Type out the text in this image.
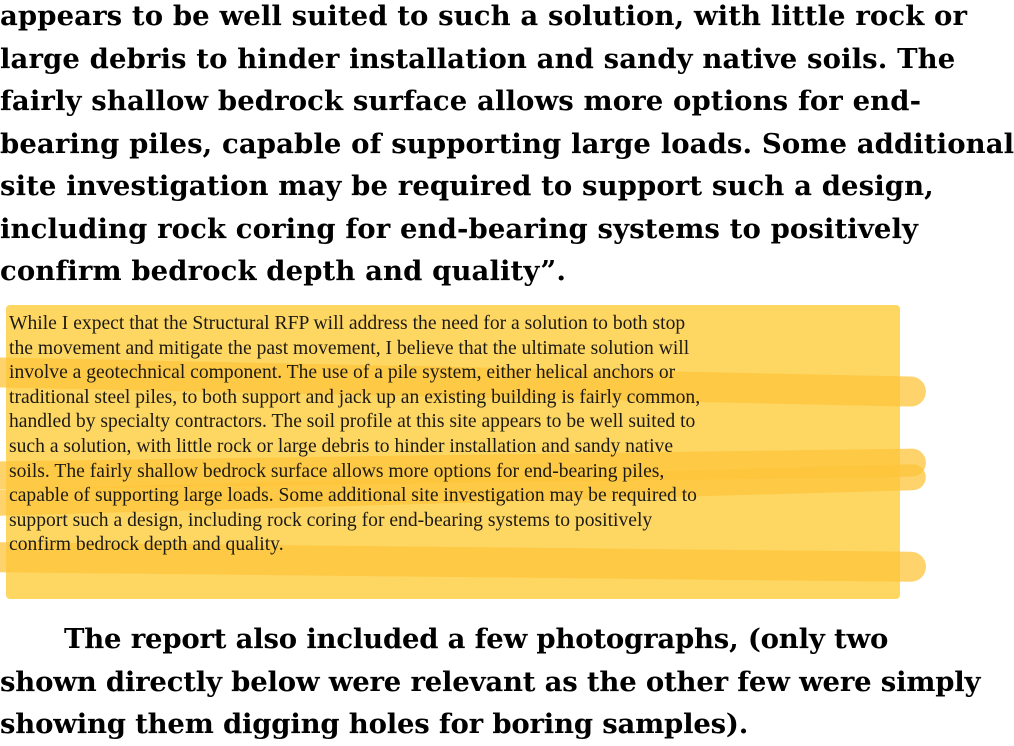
appears to be well suited to such a solution, with little rock or
large debris to hinder installation and sandy native soils. The
fairly shallow bedrock surface allows more options for end-
bearing piles, capable of supporting large loads. Some additional
site investigation may be required to support such a design,
including rock coring for end-bearing systems to positively
confirm bedrock depth and quality”.

While I expect that the Structural RFP will address the need for a solution to both stop
the movement and mitigate the past movement, I believe that the ultimate solution will
involve a geotechnical component. The use of a pile system, either helical anchors or
traditional steel piles, to both support and jack up an existing building is fairly common,
handled by specialty contractors. The soil profile at this site appears to be well suited to
such a solution, with little rock or large debris to hinder installation and sandy native
soils. The fairly shallow bedrock surface allows more options for end-bearing piles,
capable of supporting large loads. Some additional site investigation may be required to
support such a design, including rock coring for end-bearing systems to positively
confirm bedrock depth and quality.

The report also included a few photographs, (only two
shown directly below were relevant as the other few were simply
showing them digging holes for boring samples).
